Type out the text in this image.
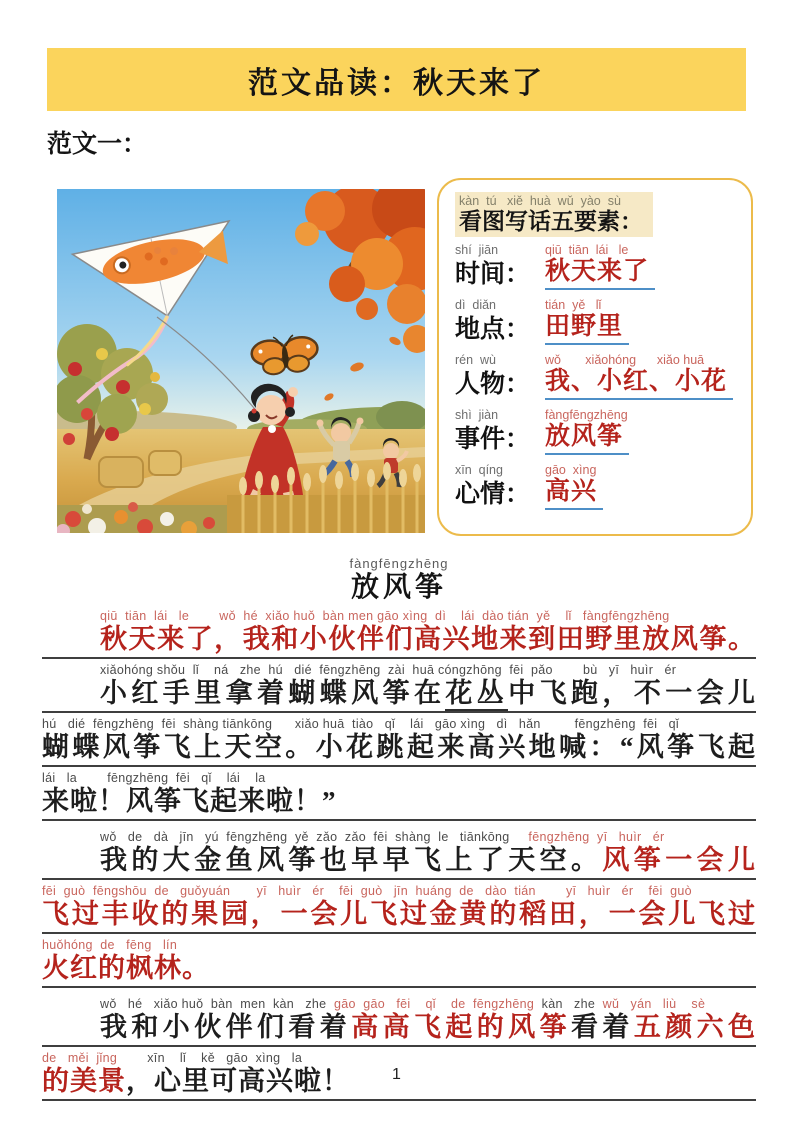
范文品读：秋天来了
范文一：
kàn  tú   xiě  huà  wǔ  yào  sù
看图写话五要素：
shí  jiān	qiū  tiān  lái   le
时间： 秋天来了
dì  diǎn	tián  yě   lǐ
地点： 田野里
rén  wù	wǒ       xiǎohóng      xiǎo huā
人物： 我、小红、小花
shì  jiàn	fàngfēngzhēng
事件： 放风筝
xīn  qíng	gāo  xìng
心情： 高兴
fàngfēngzhēng
放风筝
qiū  tiān  lái   le        wǒ  hé  xiǎo huǒ  bàn men gāo xìng  dì    lái  dào tián  yě    lǐ   fàngfēngzhēng
秋天来了，我和小伙伴们高兴地来到田野里放风筝。
xiǎohóng shǒu  lǐ    ná   zhe  hú   dié  fēngzhēng  zài  huā cóngzhōng  fēi  pǎo        bù   yī   huìr   ér
小红手里拿着蝴蝶风筝在花丛中飞跑，不一会儿
hú   dié  fēngzhēng  fēi  shàng tiānkōng      xiǎo huā  tiào   qǐ    lái   gāo xìng   dì   hǎn         fēngzhēng  fēi   qǐ
蝴蝶风筝飞上天空。小花跳起来高兴地喊：“风筝飞起
lái   la        fēngzhēng  fēi   qǐ    lái    la
来啦！风筝飞起来啦！”
wǒ   de   dà   jīn   yú  fēngzhēng  yě  zǎo  zǎo  fēi  shàng  le   tiānkōng     fēngzhēng  yī   huìr   ér
我的大金鱼风筝也早早飞上了天空。风筝一会儿
fēi  guò  fēngshōu  de   guǒyuán       yī   huìr   ér    fēi  guò   jīn  huáng  de   dào  tián        yī   huìr   ér    fēi  guò
飞过丰收的果园，一会儿飞过金黄的稻田，一会儿飞过
huǒhóng  de   fēng   lín
火红的枫林。
wǒ   hé   xiǎo huǒ  bàn  men  kàn   zhe  gāo  gāo   fēi    qǐ    de  fēngzhēng  kàn   zhe  wǔ   yán   liù    sè
我和小伙伴们看着高高飞起的风筝看着五颜六色
de   měi  jǐng        xīn    lǐ    kě   gāo  xìng   la
的美景，心里可高兴啦！	1
